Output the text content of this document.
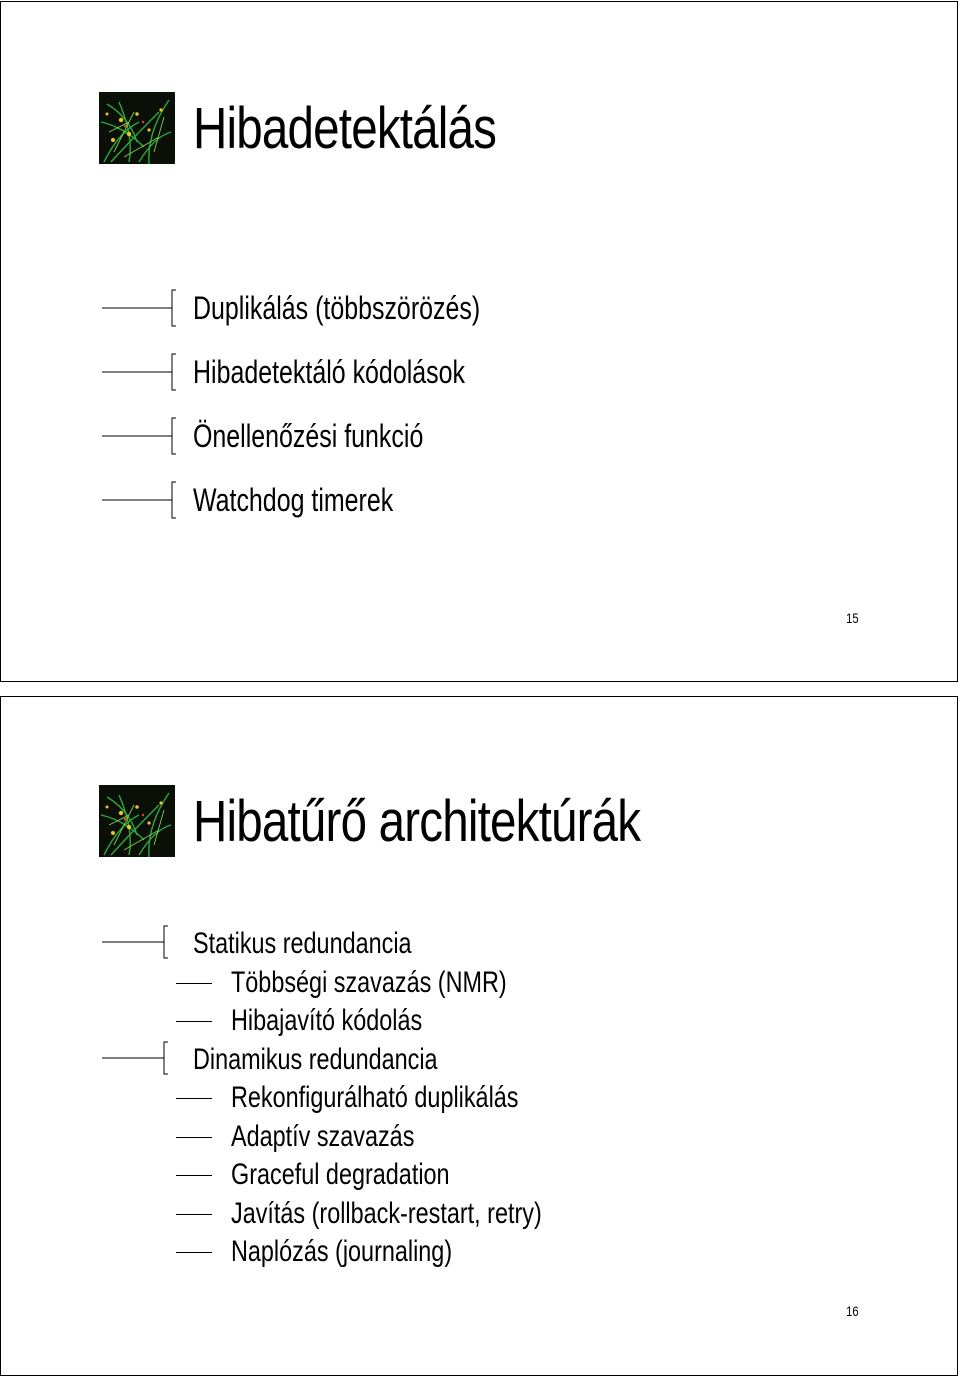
Hibadetektálás
Duplikálás (többszörözés)
Hibadetektáló kódolások
Önellenőzési funkció
Watchdog timerek
15
Hibatűrő architektúrák
Statikus redundancia
Többségi szavazás (NMR)
Hibajavító kódolás
Dinamikus redundancia
Rekonfigurálható duplikálás
Adaptív szavazás
Graceful degradation
Javítás (rollback-restart, retry)
Naplózás (journaling)
16
